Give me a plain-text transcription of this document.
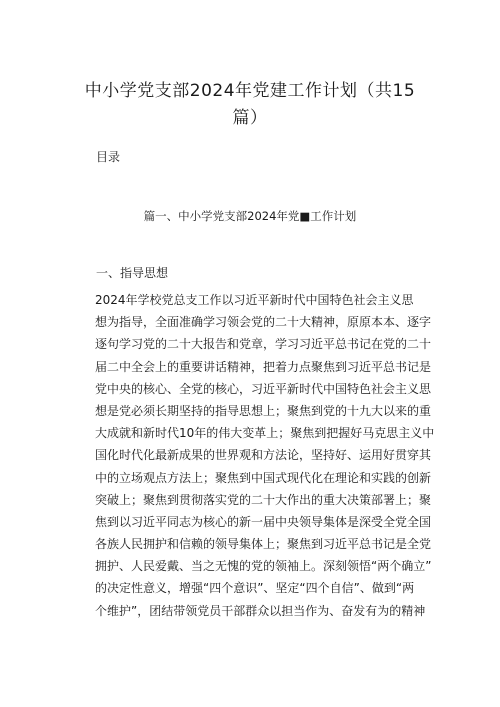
中小学党支部2024年党建工作计划（共15
篇）

目录

篇一、中小学党支部2024年党■工作计划

一、指导思想

2024年学校党总支工作以习近平新时代中国特色社会主义思
想为指导，全面准确学习领会党的二十大精神，原原本本、逐字
逐句学习党的二十大报告和党章，学习习近平总书记在党的二十
届二中全会上的重要讲话精神，把着力点聚焦到习近平总书记是
党中央的核心、全党的核心，习近平新时代中国特色社会主义思
想是党必须长期坚持的指导思想上；聚焦到党的十九大以来的重
大成就和新时代10年的伟大变革上；聚焦到把握好马克思主义中
国化时代化最新成果的世界观和方法论，坚持好、运用好贯穿其
中的立场观点方法上；聚焦到中国式现代化在理论和实践的创新
突破上；聚焦到贯彻落实党的二十大作出的重大决策部署上；聚
焦到以习近平同志为核心的新一届中央领导集体是深受全党全国
各族人民拥护和信赖的领导集体上；聚焦到习近平总书记是全党
拥护、人民爱戴、当之无愧的党的领袖上。深刻领悟“两个确立”
的决定性意义，增强“四个意识”、坚定“四个自信”、做到“两
个维护”，团结带领党员干部群众以担当作为、奋发有为的精神
